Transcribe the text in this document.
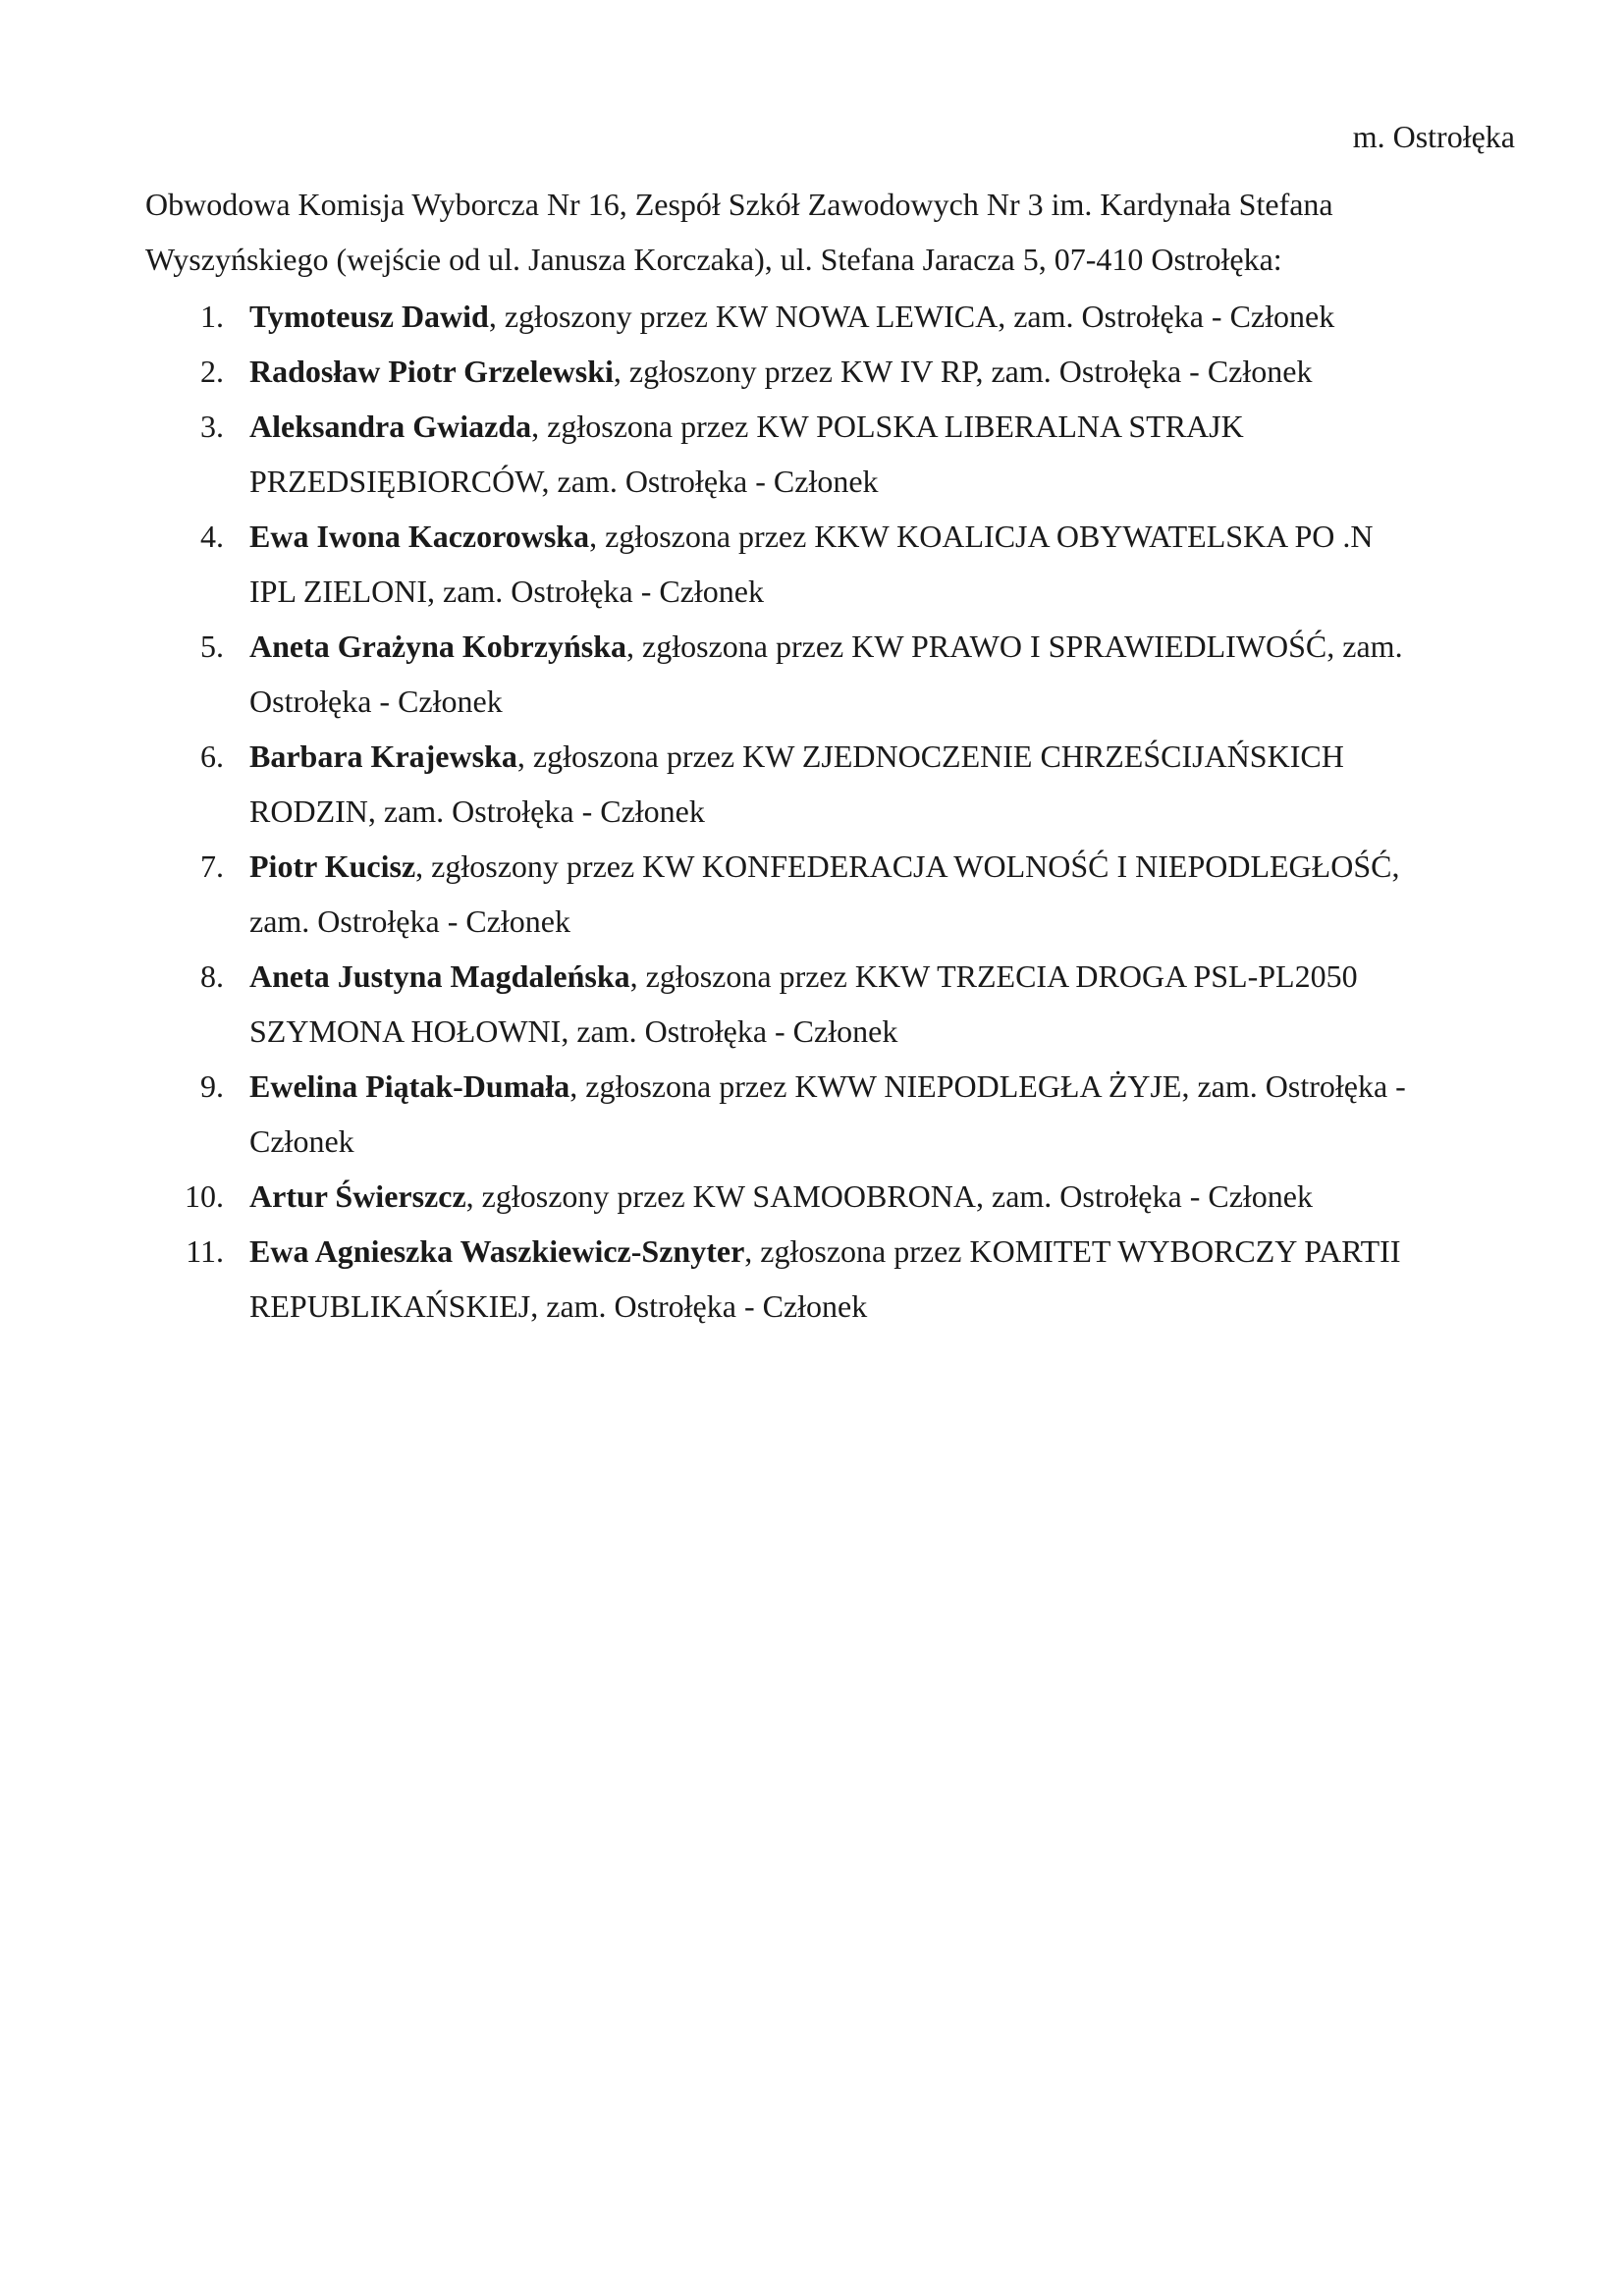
m. Ostrołęka
Obwodowa Komisja Wyborcza Nr 16, Zespół Szkół Zawodowych Nr 3 im. Kardynała Stefana Wyszyńskiego (wejście od ul. Janusza Korczaka), ul. Stefana Jaracza 5, 07-410 Ostrołęka:
1. Tymoteusz Dawid, zgłoszony przez KW NOWA LEWICA, zam. Ostrołęka - Członek
2. Radosław Piotr Grzelewski, zgłoszony przez KW IV RP, zam. Ostrołęka - Członek
3. Aleksandra Gwiazda, zgłoszona przez KW POLSKA LIBERALNA STRAJK PRZEDSIĘBIORCÓW, zam. Ostrołęka - Członek
4. Ewa Iwona Kaczorowska, zgłoszona przez KKW KOALICJA OBYWATELSKA PO .N IPL ZIELONI, zam. Ostrołęka - Członek
5. Aneta Grażyna Kobrzyńska, zgłoszona przez KW PRAWO I SPRAWIEDLIWOŚĆ, zam. Ostrołęka - Członek
6. Barbara Krajewska, zgłoszona przez KW ZJEDNOCZENIE CHRZEŚCIJAŃSKICH RODZIN, zam. Ostrołęka - Członek
7. Piotr Kucisz, zgłoszony przez KW KONFEDERACJA WOLNOŚĆ I NIEPODLEGŁOŚĆ, zam. Ostrołęka - Członek
8. Aneta Justyna Magdaleńska, zgłoszona przez KKW TRZECIA DROGA PSL-PL2050 SZYMONA HOŁOWNI, zam. Ostrołęka - Członek
9. Ewelina Piątak-Dumała, zgłoszona przez KWW NIEPODLEGŁA ŻYJE, zam. Ostrołęka - Członek
10. Artur Świerszcz, zgłoszony przez KW SAMOOBRONA, zam. Ostrołęka - Członek
11. Ewa Agnieszka Waszkiewicz-Sznyter, zgłoszona przez KOMITET WYBORCZY PARTII REPUBLIKAŃSKIEJ, zam. Ostrołęka - Członek
